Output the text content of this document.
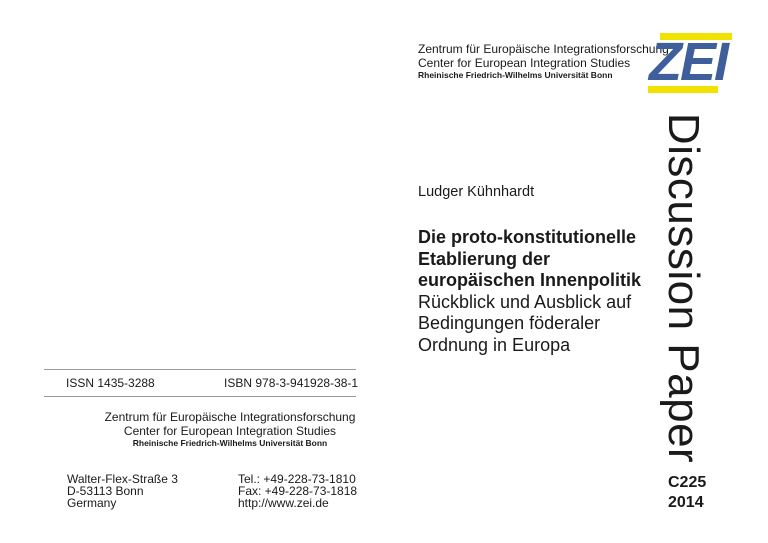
Zentrum für Europäische Integrationsforschung
Center for European Integration Studies
Rheinische Friedrich-Wilhelms Universität Bonn ZEI
Discussion Paper
Ludger Kühnhardt
Die proto-konstitutionelle
Etablierung der
europäischen Innenpolitik
Rückblick und Ausblick auf
Bedingungen föderaler
Ordnung in Europa
C225
2014
ISSN 1435-3288	ISBN 978-3-941928-38-1
Zentrum für Europäische Integrationsforschung
Center for European Integration Studies
Rheinische Friedrich-Wilhelms Universität Bonn
Walter-Flex-Straße 3
D-53113 Bonn
Germany
Tel.: +49-228-73-1810
Fax: +49-228-73-1818
http://www.zei.de
